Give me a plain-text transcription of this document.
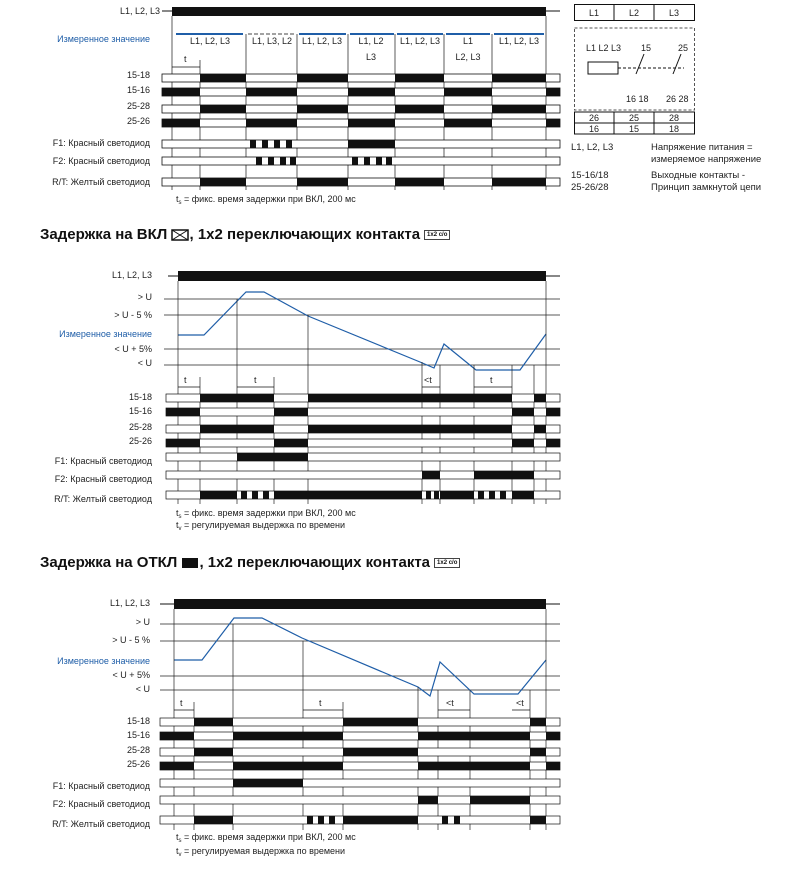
L1, L2, L3
Измеренное значение
15-18
15-16
25-28
25-26
F1: Красный светодиод
F2: Красный светодиод
R/T: Желтый светодиод
L1, L2, L3 L1, L3, L2 L1, L2, L3 L1, L2
L3
L1, L2, L3	L1
L2, L3
L1, L2, L3
t
$t_s$ = фикс. время задержки при ВКЛ, 200 мс
L1	L2	L3
L1 L2 L3 15	25
16 18 26 28
26	25	28
16	15	18
L1, L2, L3	Напряжение питания =
измеряемое напряжение
15-16/18	Выходные контакты -
25-26/28	Принцип замкнутой цепи
Задержка на ВКЛ ☒, 1x2 переключающих контакта 1x2 c/o
L1, L2, L3
> U
> U - 5 %
Измеренное значение
< U + 5%
< U
15-18
15-16
25-28
25-26
F1: Красный светодиод
F2: Красный светодиод
R/T: Желтый светодиод
t	t	<t	t
$t_s$ = фикс. время задержки при ВКЛ, 200 мс
$t_v$ = регулируемая выдержка по времени
Задержка на ОТКЛ , 1x2 переключающих контакта 1x2 c/o
L1, L2, L3
> U
> U - 5 %
Измеренное значение
< U + 5%
< U
15-18
15-16
25-28
25-26
F1: Красный светодиод
F2: Красный светодиод
R/T: Желтый светодиод
t	t	<t	<t
$t_s$ = фикс. время задержки при ВКЛ, 200 мс
$t_v$ = регулируемая выдержка по времени
